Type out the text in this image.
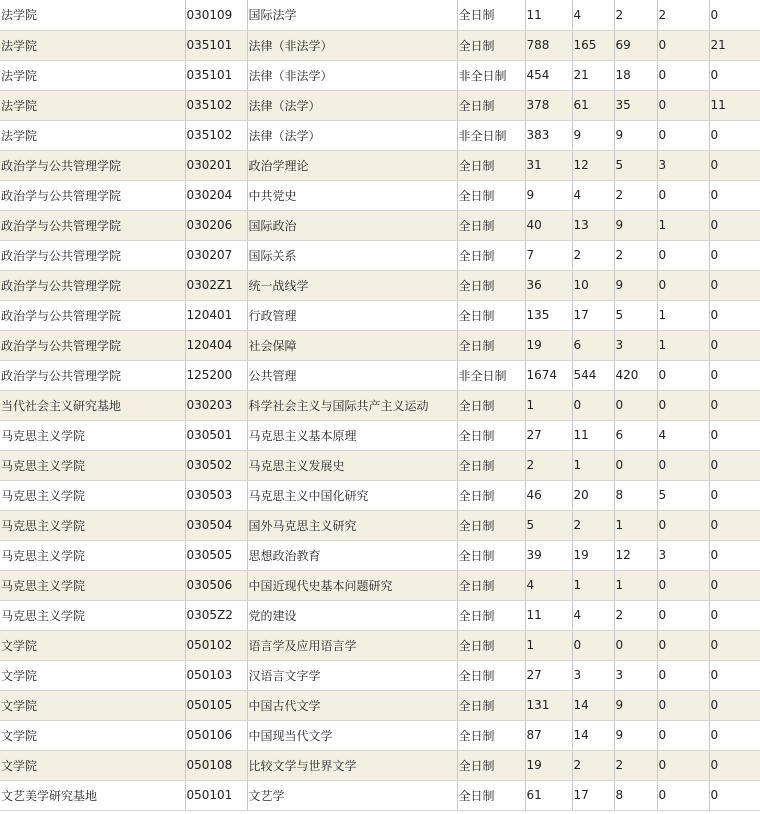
法学院	030109	国际法学	全日制	11	4	2	2	0
法学院	035101	法律（非法学）	全日制	788	165	69	0	21
法学院	035101	法律（非法学）	非全日制	454	21	18	0	0
法学院	035102	法律（法学）	全日制	378	61	35	0	11
法学院	035102	法律（法学）	非全日制	383	9	9	0	0
政治学与公共管理学院	030201	政治学理论	全日制	31	12	5	3	0
政治学与公共管理学院	030204	中共党史	全日制	9	4	2	0	0
政治学与公共管理学院	030206	国际政治	全日制	40	13	9	1	0
政治学与公共管理学院	030207	国际关系	全日制	7	2	2	0	0
政治学与公共管理学院	0302Z1	统一战线学	全日制	36	10	9	0	0
政治学与公共管理学院	120401	行政管理	全日制	135	17	5	1	0
政治学与公共管理学院	120404	社会保障	全日制	19	6	3	1	0
政治学与公共管理学院	125200	公共管理	非全日制	1674	544	420	0	0
当代社会主义研究基地	030203	科学社会主义与国际共产主义运动	全日制	1	0	0	0	0
马克思主义学院	030501	马克思主义基本原理	全日制	27	11	6	4	0
马克思主义学院	030502	马克思主义发展史	全日制	2	1	0	0	0
马克思主义学院	030503	马克思主义中国化研究	全日制	46	20	8	5	0
马克思主义学院	030504	国外马克思主义研究	全日制	5	2	1	0	0
马克思主义学院	030505	思想政治教育	全日制	39	19	12	3	0
马克思主义学院	030506	中国近现代史基本问题研究	全日制	4	1	1	0	0
马克思主义学院	0305Z2	党的建设	全日制	11	4	2	0	0
文学院	050102	语言学及应用语言学	全日制	1	0	0	0	0
文学院	050103	汉语言文字学	全日制	27	3	3	0	0
文学院	050105	中国古代文学	全日制	131	14	9	0	0
文学院	050106	中国现当代文学	全日制	87	14	9	0	0
文学院	050108	比较文学与世界文学	全日制	19	2	2	0	0
文艺美学研究基地	050101	文艺学	全日制	61	17	8	0	0
